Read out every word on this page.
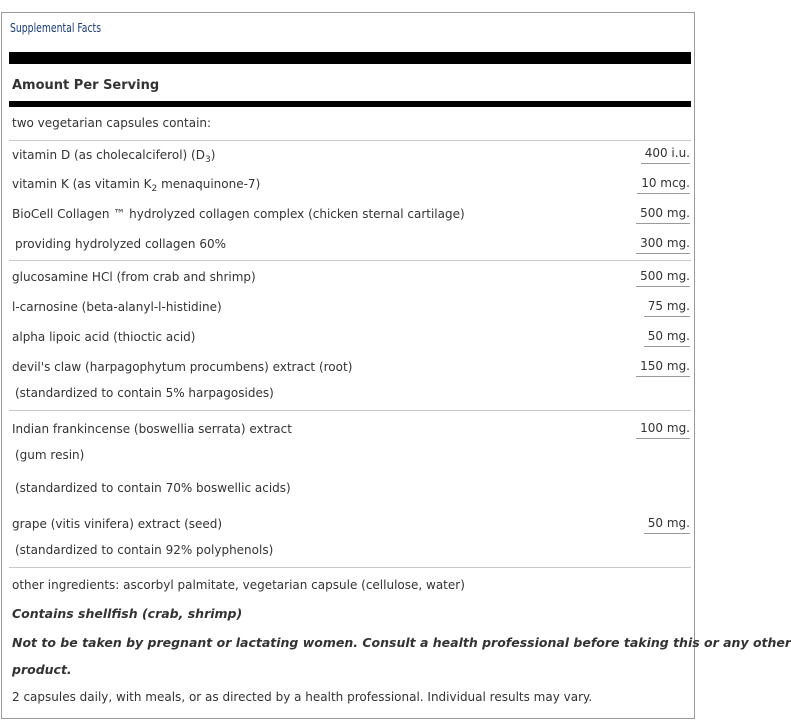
Supplemental Facts
Amount Per Serving
two vegetarian capsules contain:
vitamin D (as cholecalciferol) $(D_3)$	400 i.u.
vitamin K (as vitamin $K_2$ menaquinone-7)	10 mcg.
BioCell Collagen ™ hydrolyzed collagen complex (chicken sternal cartilage)	500 mg.
providing hydrolyzed collagen 60%	300 mg.
glucosamine HCl (from crab and shrimp)	500 mg.
l-carnosine (beta-alanyl-l-histidine)	75 mg.
alpha lipoic acid (thioctic acid)	50 mg.
devil's claw (harpagophytum procumbens) extract (root)	150 mg.
(standardized to contain 5% harpagosides)
Indian frankincense (boswellia serrata) extract	100 mg.
(gum resin)
(standardized to contain 70% boswellic acids)
grape (vitis vinifera) extract (seed)	50 mg.
(standardized to contain 92% polyphenols)
other ingredients: ascorbyl palmitate, vegetarian capsule (cellulose, water)
Contains shellfish (crab, shrimp)
Not to be taken by pregnant or lactating women. Consult a health professional before taking this or any other
product.
2 capsules daily, with meals, or as directed by a health professional. Individual results may vary.
